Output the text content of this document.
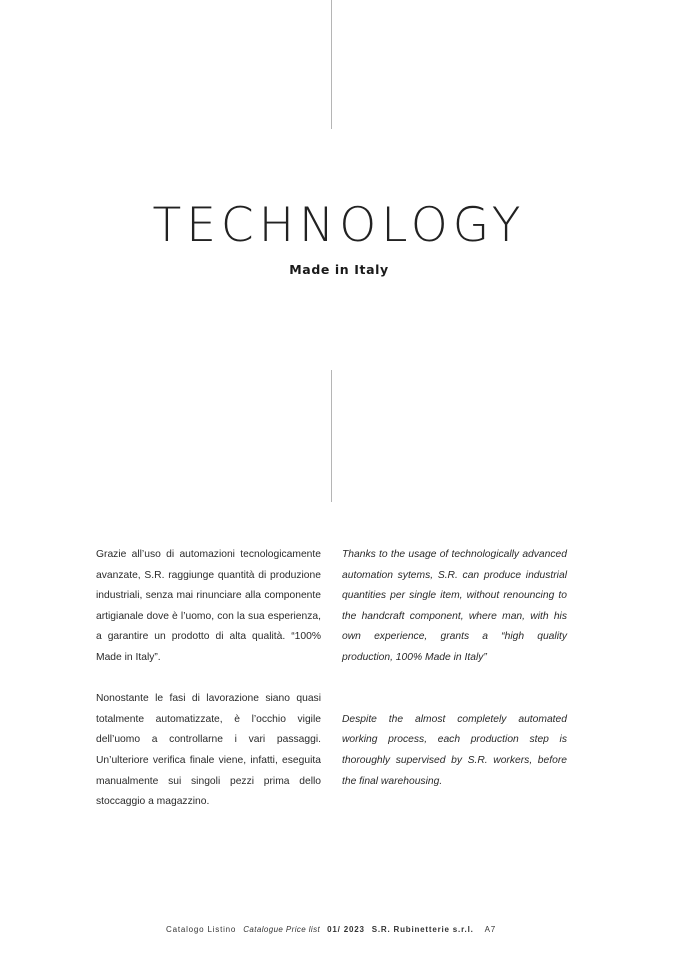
TECHNOLOGY
Made in Italy

Grazie all’uso di automazioni tecnologicamente avanzate, S.R. raggiunge quantità di produzione industriali, senza mai rinunciare alla componente artigianale dove è l’uomo, con la sua esperienza, a garantire un prodotto di alta qualità. “100% Made in Italy”.

Nonostante le fasi di lavorazione siano quasi totalmente automatizzate, è l’occhio vigile dell’uomo a controllarne i vari passaggi. Un’ulteriore verifica finale viene, infatti, eseguita manualmente sui singoli pezzi prima dello stoccaggio a magazzino.

Thanks to the usage of technologically advanced automation sytems, S.R. can produce industrial quantities per single item, without renouncing to the handcraft component, where man, with his own experience, grants a “high quality production, 100% Made in Italy”

Despite the almost completely automated working process, each production step is thoroughly supervised by S.R. workers, before the final warehousing.

Catalogo Listino Catalogue Price list 01/ 2023 S.R. Rubinetterie s.r.l. A7
